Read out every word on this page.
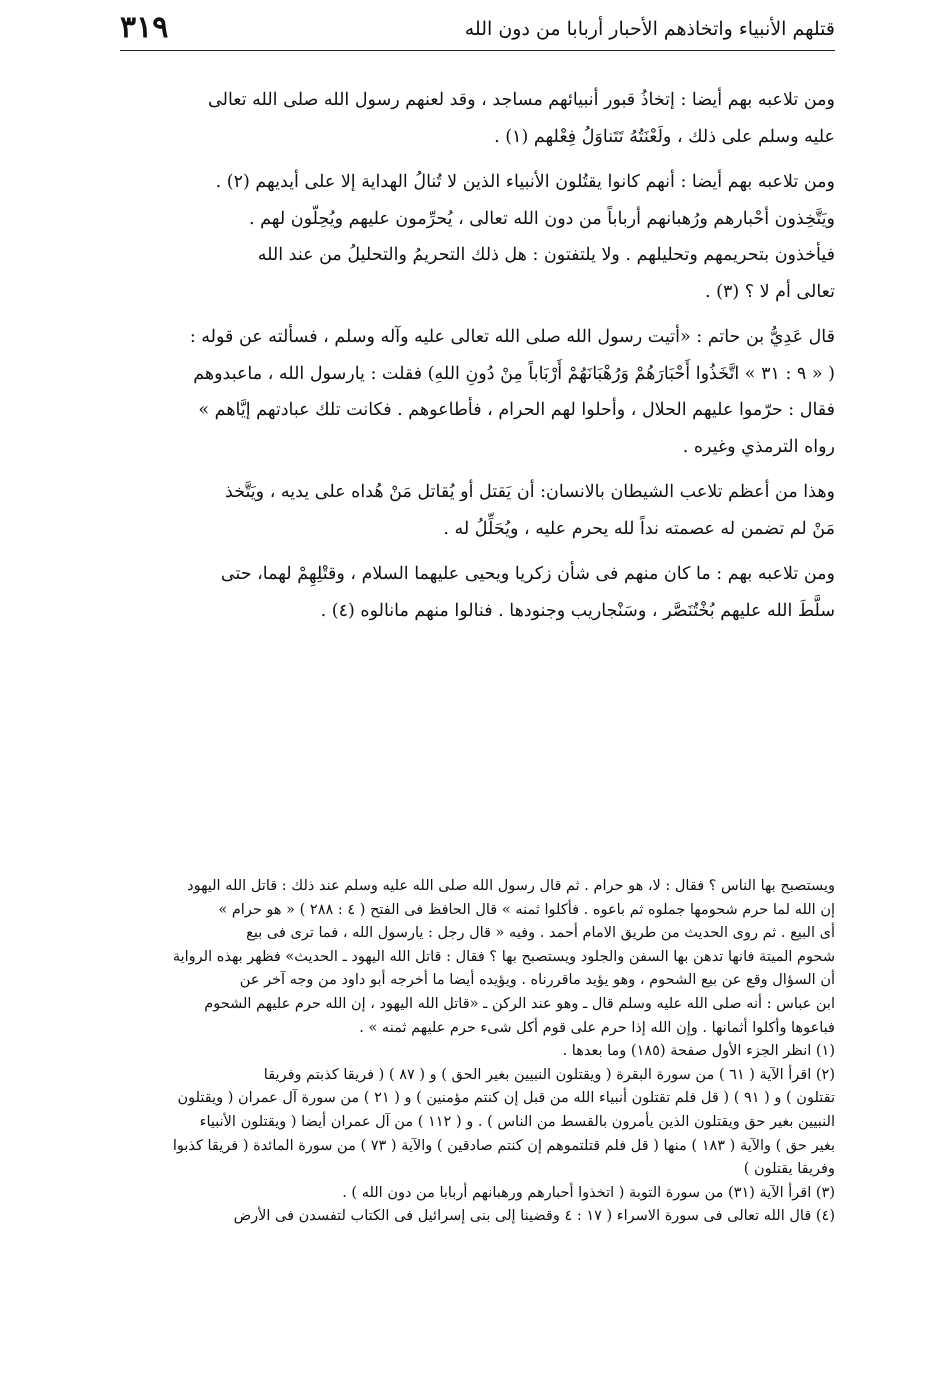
٣١٩	قتلهم الأنبياء واتخاذهم الأحبار أربابا من دون الله

ومن تلاعبه بهم أيضا : إتخاذُ قبور أنبيائهم مساجد ، وقد لعنهم رسول الله صلى الله تعالى
عليه وسلم على ذلك ، ولَعْنَتُهُ تَتَناوَلُ فِعْلهم (١) .

ومن تلاعبه بهم أيضا : أنهم كانوا يقتُلون الأنبياء الذين لا تُنالُ الهداية إلا على أيديهم (٢) .
ويَتَّخِذون أحْبارهم ورُهبانهم أرباباً من دون الله تعالى ، يُحرِّمون عليهم ويُحِلّون لهم .
فيأخذون بتحريمهم وتحليلهم . ولا يلتفتون : هل ذلك التحريمُ والتحليلُ من عند الله
تعالى أم لا ؟ (٣) .

قال عَدِيُّ بن حاتم : «أتيت رسول الله صلى الله تعالى عليه وآله وسلم ، فسألته عن قوله :
( « ٩ : ٣١ » اتَّخَذُوا أَحْبَارَهُمْ وَرُهْبَانَهُمْ أَرْبَاباً مِنْ دُونِ اللهِ) فقلت : يارسول الله ، ماعبدوهم
فقال : حرّموا عليهم الحلال ، وأحلوا لهم الحرام ، فأطاعوهم . فكانت تلك عبادتهم إيَّاهم »
رواه الترمذي وغيره .

وهذا من أعظم تلاعب الشيطان بالانسان: أن يَقتل أو يُقاتل مَنْ هُداه على يديه ، ويَتَّخذ
مَنْ لم تضمن له عصمته نداً لله يحرم عليه ، ويُحَلِّلُ له .

ومن تلاعبه بهم : ما كان منهم فى شأن زكريا ويحيى عليهما السلام ، وقتْلِهِمْ لهما، حتى
سلَّطَ الله عليهم بُخْتُنَصَّر ، وسَنْجاريب وجنودها . فنالوا منهم مانالوه (٤) .

ويستصبح بها الناس ؟ فقال : لا، هو حرام . ثم قال رسول الله صلى الله عليه وسلم عند ذلك : قاتل الله اليهود
إن الله لما حرم شحومها جملوه ثم باعوه . فأكلوا ثمنه » قال الحافظ فى الفتح ( ٤ : ٢٨٨ ) « هو حرام »
أى البيع . ثم روى الحديث من طريق الامام أحمد . وفيه « قال رجل : يارسول الله ، فما ترى فى بيع
شحوم الميتة فانها تدهن بها السفن والجلود ويستصبح بها ؟ فقال : قاتل الله اليهود ـ الحديث» فظهر بهذه الرواية
أن السؤال وقع عن بيع الشحوم ، وهو يؤيد ماقررناه . ويؤيده أيضا ما أخرجه أبو داود من وجه آخر عن
ابن عباس : أنه صلى الله عليه وسلم قال ـ وهو عند الركن ـ «قاتل الله اليهود ، إن الله حرم عليهم الشحوم
فباعوها وأكلوا أثمانها . وإن الله إذا حرم على قوم أكل شىء حرم عليهم ثمنه » .
(١) انظر الجزء الأول صفحة (١٨٥) وما بعدها .
(٢) اقرأ الآية ( ٦١ ) من سورة البقرة ( ويقتلون النبيين بغير الحق ) و ( ٨٧ ) ( فريقا كذبتم وفريقا
تقتلون ) و ( ٩١ ) ( قل فلم تقتلون أنبياء الله من قبل إن كنتم مؤمنين ) و ( ٢١ ) من سورة آل عمران ( ويقتلون
النبيين بغير حق ويقتلون الذين يأمرون بالقسط من الناس ) . و ( ١١٢ ) من آل عمران أيضا ( ويقتلون الأنبياء
بغير حق ) والآية ( ١٨٣ ) منها ( قل فلم قتلتموهم إن كنتم صادقين ) والآية ( ٧٣ ) من سورة المائدة ( فريقا كذبوا
وفريقا يقتلون )
(٣) اقرأ الآية (٣١) من سورة التوبة ( اتخذوا أحبارهم ورهبانهم أربابا من دون الله ) .
(٤) قال الله تعالى فى سورة الاسراء ( ١٧ : ٤ وقضينا إلى بنى إسرائيل فى الكتاب لتفسدن فى الأرض
